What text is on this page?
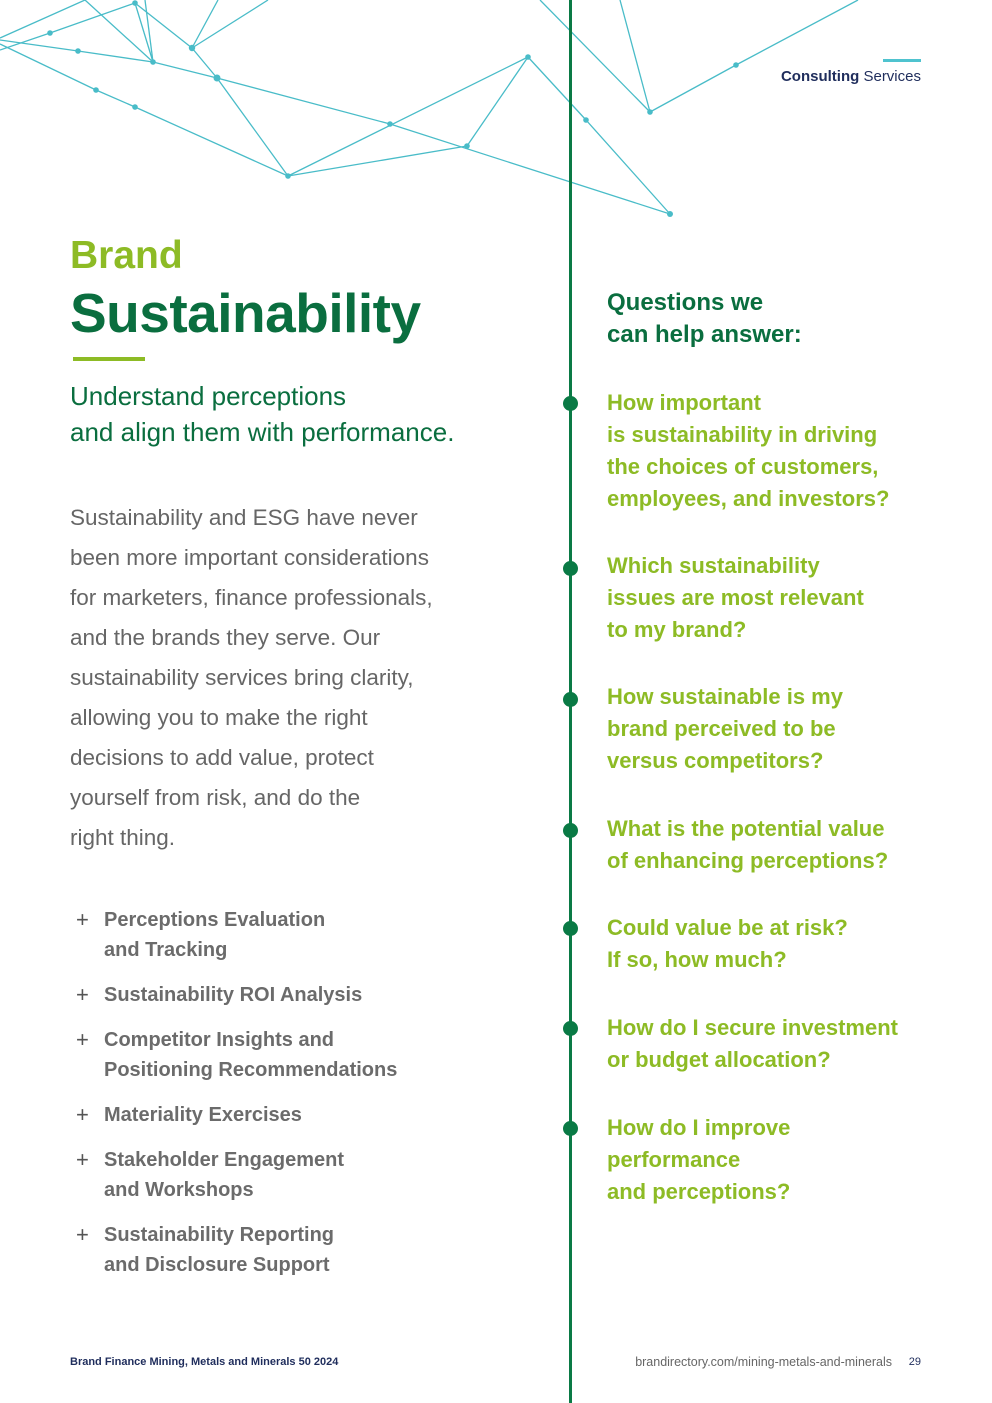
Consulting Services
Brand
Sustainability
Understand perceptions
and align them with performance.
Sustainability and ESG have never
been more important considerations
for marketers, finance professionals,
and the brands they serve. Our
sustainability services bring clarity,
allowing you to make the right
decisions to add value, protect
yourself from risk, and do the
right thing.
+ Perceptions Evaluation
and Tracking
+ Sustainability ROI Analysis
+ Competitor Insights and
Positioning Recommendations
+ Materiality Exercises
+ Stakeholder Engagement
and Workshops
+ Sustainability Reporting
and Disclosure Support
Questions we
can help answer:
How important
is sustainability in driving
the choices of customers,
employees, and investors?
Which sustainability
issues are most relevant
to my brand?
How sustainable is my
brand perceived to be
versus competitors?
What is the potential value
of enhancing perceptions?
Could value be at risk?
If so, how much?
How do I secure investment
or budget allocation?
How do I improve
performance
and perceptions?
Brand Finance Mining, Metals and Minerals 50 2024	brandirectory.com/mining-metals-and-minerals 29
